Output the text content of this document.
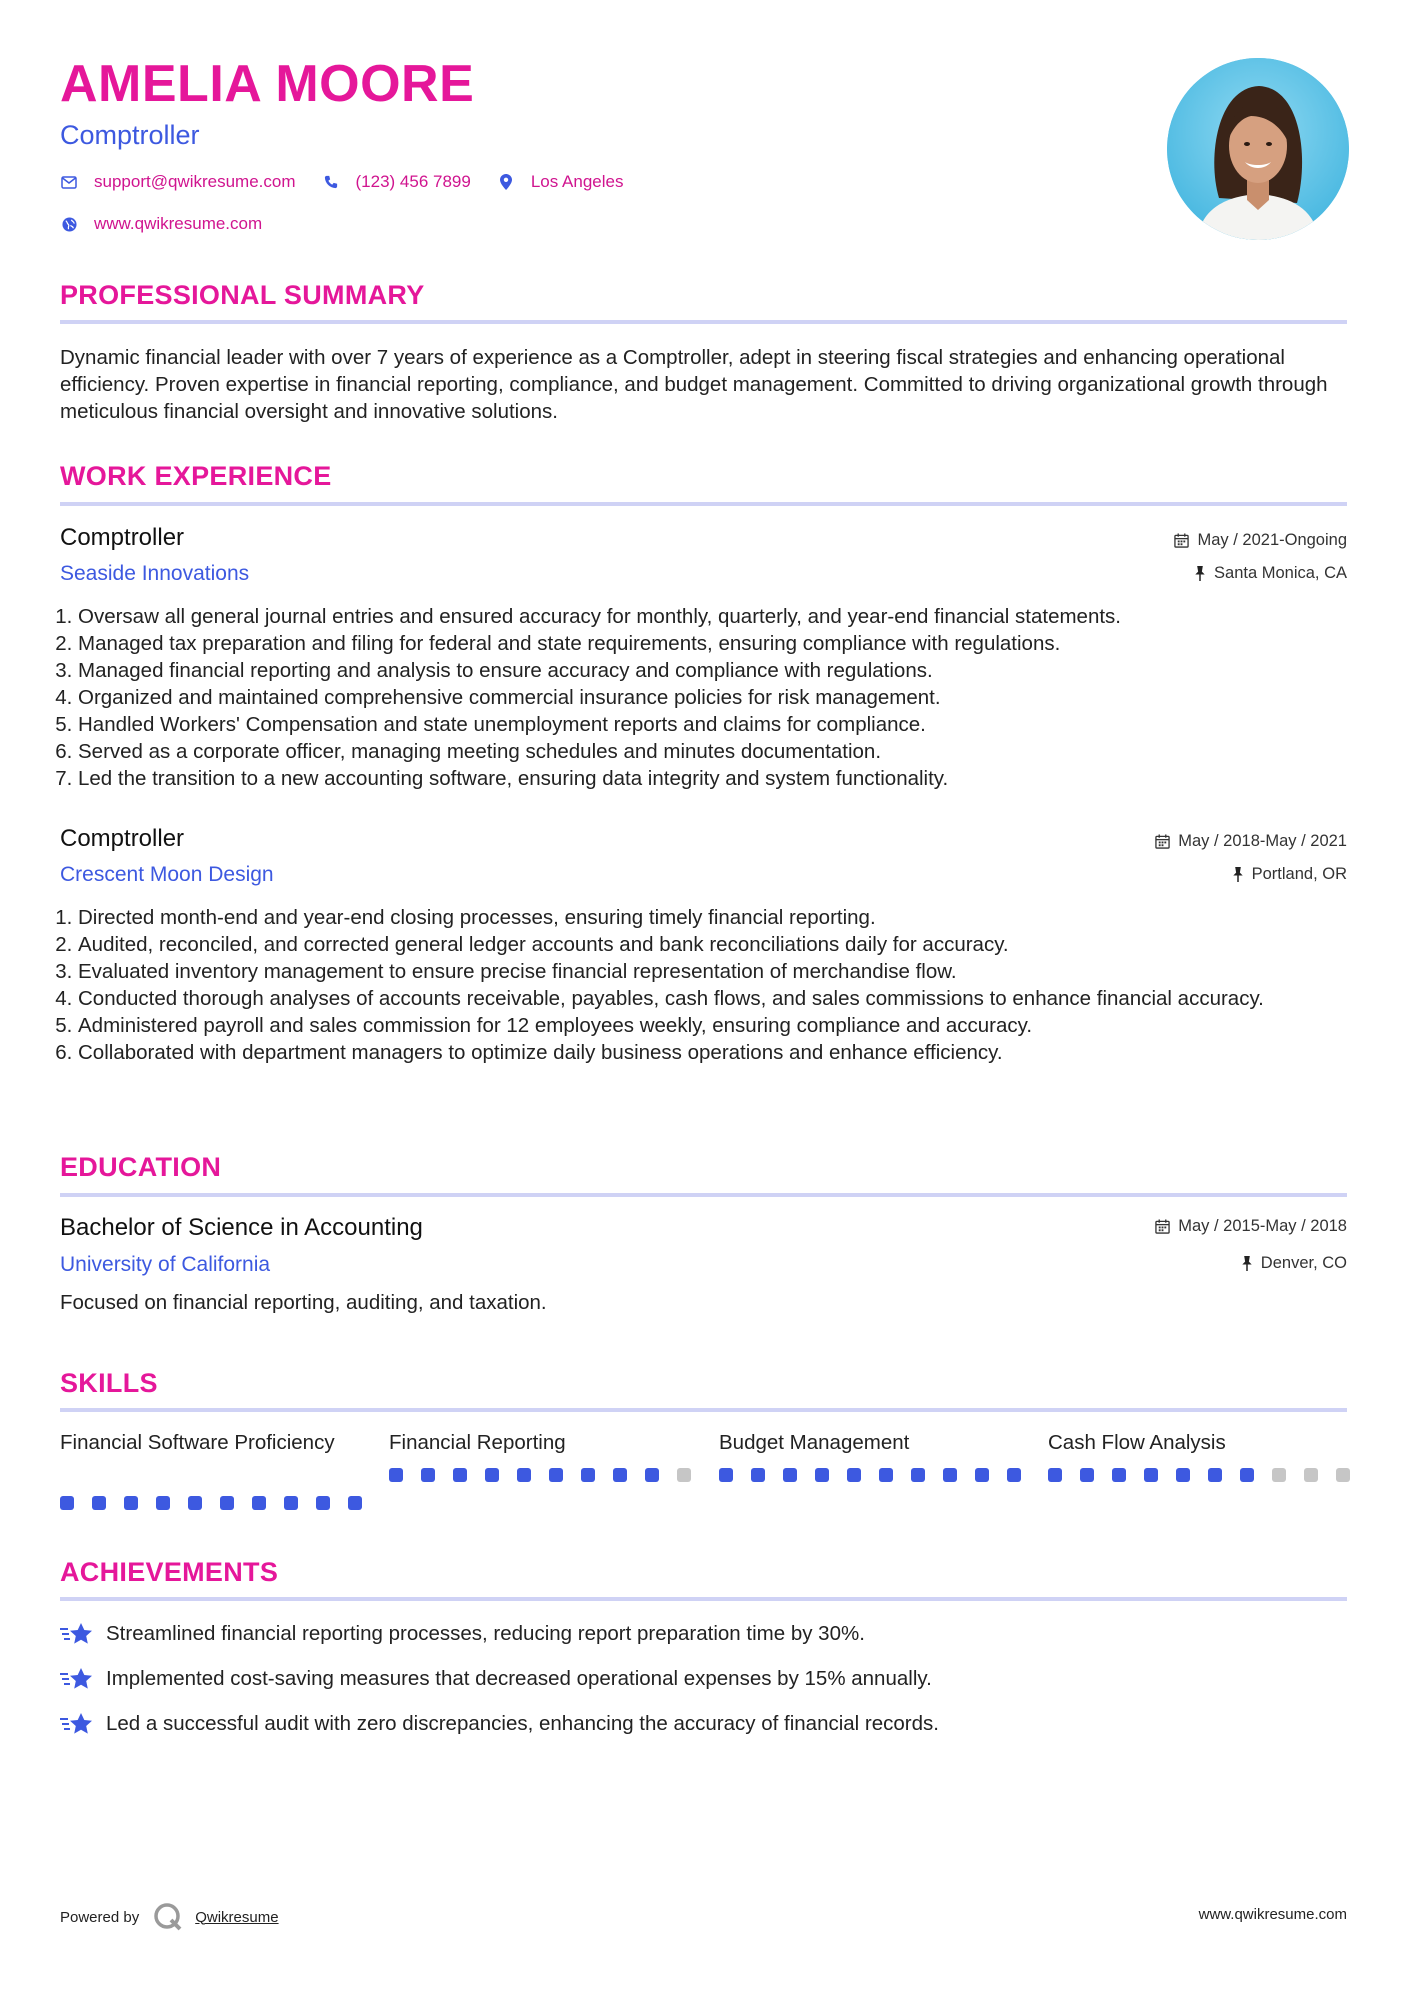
AMELIA MOORE
Comptroller
support@qwikresume.com	(123) 456 7899	Los Angeles
www.qwikresume.com
PROFESSIONAL SUMMARY
Dynamic financial leader with over 7 years of experience as a Comptroller, adept in steering fiscal strategies and enhancing operational efficiency. Proven expertise in financial reporting, compliance, and budget management. Committed to driving organizational growth through meticulous financial oversight and innovative solutions.
WORK EXPERIENCE
Comptroller
Seaside Innovations
May / 2021-Ongoing
Santa Monica, CA
1. Oversaw all general journal entries and ensured accuracy for monthly, quarterly, and year-end financial statements.
2. Managed tax preparation and filing for federal and state requirements, ensuring compliance with regulations.
3. Managed financial reporting and analysis to ensure accuracy and compliance with regulations.
4. Organized and maintained comprehensive commercial insurance policies for risk management.
5. Handled Workers' Compensation and state unemployment reports and claims for compliance.
6. Served as a corporate officer, managing meeting schedules and minutes documentation.
7. Led the transition to a new accounting software, ensuring data integrity and system functionality.
Comptroller
Crescent Moon Design
May / 2018-May / 2021
Portland, OR
1. Directed month-end and year-end closing processes, ensuring timely financial reporting.
2. Audited, reconciled, and corrected general ledger accounts and bank reconciliations daily for accuracy.
3. Evaluated inventory management to ensure precise financial representation of merchandise flow.
4. Conducted thorough analyses of accounts receivable, payables, cash flows, and sales commissions to enhance financial accuracy.
5. Administered payroll and sales commission for 12 employees weekly, ensuring compliance and accuracy.
6. Collaborated with department managers to optimize daily business operations and enhance efficiency.
EDUCATION
Bachelor of Science in Accounting
University of California
May / 2015-May / 2018
Denver, CO
Focused on financial reporting, auditing, and taxation.
SKILLS
Financial Software Proficiency	Financial Reporting	Budget Management	Cash Flow Analysis
ACHIEVEMENTS
Streamlined financial reporting processes, reducing report preparation time by 30%.
Implemented cost-saving measures that decreased operational expenses by 15% annually.
Led a successful audit with zero discrepancies, enhancing the accuracy of financial records.
Powered by	Qwikresume	www.qwikresume.com
